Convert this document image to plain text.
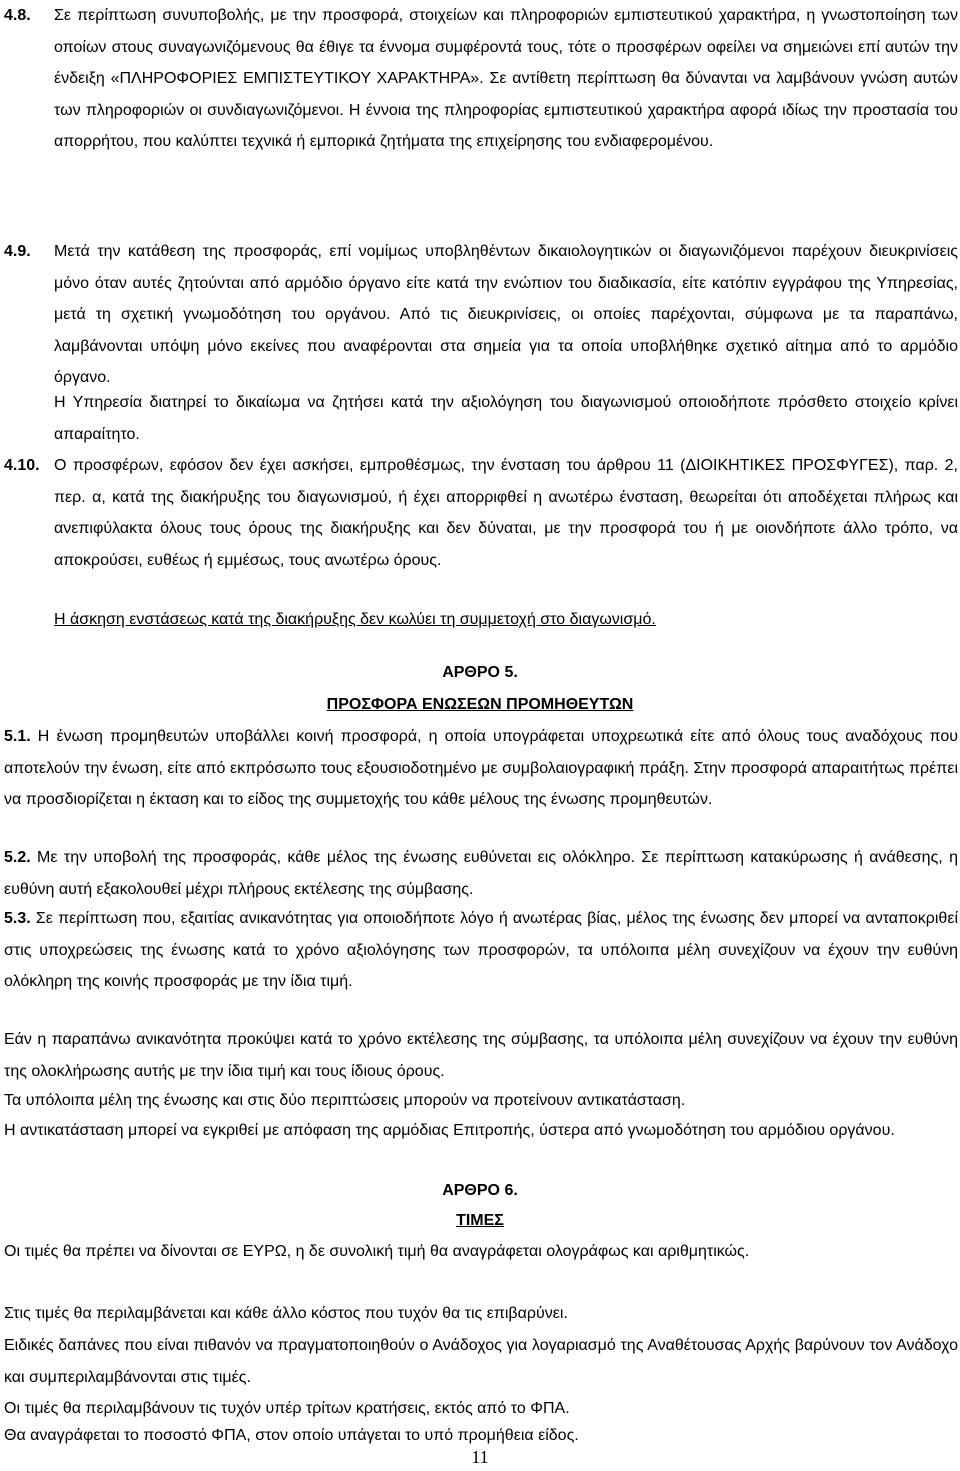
Σε περίπτωση συνυποβολής, με την προσφορά, στοιχείων και πληροφοριών εμπιστευτικού χαρακτήρα, η γνωστοποίηση των οποίων στους συναγωνιζόμενους θα έθιγε τα έννομα συμφέροντά τους, τότε ο προσφέρων οφείλει να σημειώνει επί αυτών την ένδειξη «ΠΛΗΡΟΦΟΡΙΕΣ ΕΜΠΙΣΤΕΥΤΙΚΟΥ ΧΑΡΑΚΤΗΡΑ». Σε αντίθετη περίπτωση θα δύνανται να λαμβάνουν γνώση αυτών των πληροφοριών οι συνδιαγωνιζόμενοι. Η έννοια της πληροφορίας εμπιστευτικού χαρακτήρα αφορά ιδίως την προστασία του απορρήτου, που καλύπτει τεχνικά ή εμπορικά ζητήματα της επιχείρησης του ενδιαφερομένου.
4.8.
Μετά την κατάθεση της προσφοράς, επί νομίμως υποβληθέντων δικαιολογητικών οι διαγωνιζόμενοι παρέχουν διευκρινίσεις μόνο όταν αυτές ζητούνται από αρμόδιο όργανο είτε κατά την ενώπιον του διαδικασία, είτε κατόπιν εγγράφου της Υπηρεσίας, μετά τη σχετική γνωμοδότηση του οργάνου. Από τις διευκρινίσεις, οι οποίες παρέχονται, σύμφωνα με τα παραπάνω, λαμβάνονται υπόψη μόνο εκείνες που αναφέρονται στα σημεία για τα οποία υποβλήθηκε σχετικό αίτημα από το αρμόδιο όργανο.
4.9.
Η Υπηρεσία διατηρεί το δικαίωμα να ζητήσει κατά την αξιολόγηση του διαγωνισμού οποιοδήποτε πρόσθετο στοιχείο κρίνει απαραίτητο.
Ο προσφέρων, εφόσον δεν έχει ασκήσει, εμπροθέσμως, την ένσταση του άρθρου 11 (ΔΙΟΙΚΗΤΙΚΕΣ ΠΡΟΣΦΥΓΕΣ), παρ. 2, περ. α, κατά της διακήρυξης του διαγωνισμού, ή έχει απορριφθεί η ανωτέρω ένσταση, θεωρείται ότι αποδέχεται πλήρως και ανεπιφύλακτα όλους τους όρους της διακήρυξης και δεν δύναται, με την προσφορά του ή με οιονδήποτε άλλο τρόπο, να αποκρούσει, ευθέως ή εμμέσως, τους ανωτέρω όρους.
4.10.
Η άσκηση ενστάσεως κατά της διακήρυξης δεν κωλύει τη συμμετοχή στο διαγωνισμό.

ΑΡΘΡΟ 5.

ΠΡΟΣΦΟΡΑ ΕΝΩΣΕΩΝ ΠΡΟΜΗΘΕΥΤΩΝ

5.1. Η ένωση προμηθευτών υποβάλλει κοινή προσφορά, η οποία υπογράφεται υποχρεωτικά είτε από όλους τους αναδόχους που αποτελούν την ένωση, είτε από εκπρόσωπο τους εξουσιοδοτημένο με συμβολαιογραφική πράξη. Στην προσφορά απαραιτήτως πρέπει να προσδιορίζεται η έκταση και το είδος της συμμετοχής του κάθε μέλους της ένωσης προμηθευτών.
5.2. Με την υποβολή της προσφοράς, κάθε μέλος της ένωσης ευθύνεται εις ολόκληρο. Σε περίπτωση κατακύρωσης ή ανάθεσης, η ευθύνη αυτή εξακολουθεί μέχρι πλήρους εκτέλεσης της σύμβασης.
5.3. Σε περίπτωση που, εξαιτίας ανικανότητας για οποιοδήποτε λόγο ή ανωτέρας βίας, μέλος της ένωσης δεν μπορεί να ανταποκριθεί στις υποχρεώσεις της ένωσης κατά το χρόνο αξιολόγησης των προσφορών, τα υπόλοιπα μέλη συνεχίζουν να έχουν την ευθύνη ολόκληρη της κοινής προσφοράς με την ίδια τιμή.
Εάν η παραπάνω ανικανότητα προκύψει κατά το χρόνο εκτέλεσης της σύμβασης, τα υπόλοιπα μέλη συνεχίζουν να έχουν την ευθύνη της ολοκλήρωσης αυτής με την ίδια τιμή και τους ίδιους όρους.
Τα υπόλοιπα μέλη της ένωσης και στις δύο περιπτώσεις μπορούν να προτείνουν αντικατάσταση.
Η αντικατάσταση μπορεί να εγκριθεί με απόφαση της αρμόδιας Επιτροπής, ύστερα από γνωμοδότηση του αρμόδιου οργάνου.

ΑΡΘΡΟ 6.

ΤΙΜΕΣ

Οι τιμές θα πρέπει να δίνονται σε ΕΥΡΩ, η δε συνολική τιμή θα αναγράφεται ολογράφως και αριθμητικώς.
Στις τιμές θα περιλαμβάνεται και κάθε άλλο κόστος που τυχόν θα τις επιβαρύνει.
Ειδικές δαπάνες που είναι πιθανόν να πραγματοποιηθούν ο Ανάδοχος για λογαριασμό της Αναθέτουσας Αρχής βαρύνουν τον Ανάδοχο και συμπεριλαμβάνονται στις τιμές.
Οι τιμές θα περιλαμβάνουν τις τυχόν υπέρ τρίτων κρατήσεις, εκτός από το ΦΠΑ.
Θα αναγράφεται το ποσοστό ΦΠΑ, στον οποίο υπάγεται το υπό προμήθεια είδος.
11
